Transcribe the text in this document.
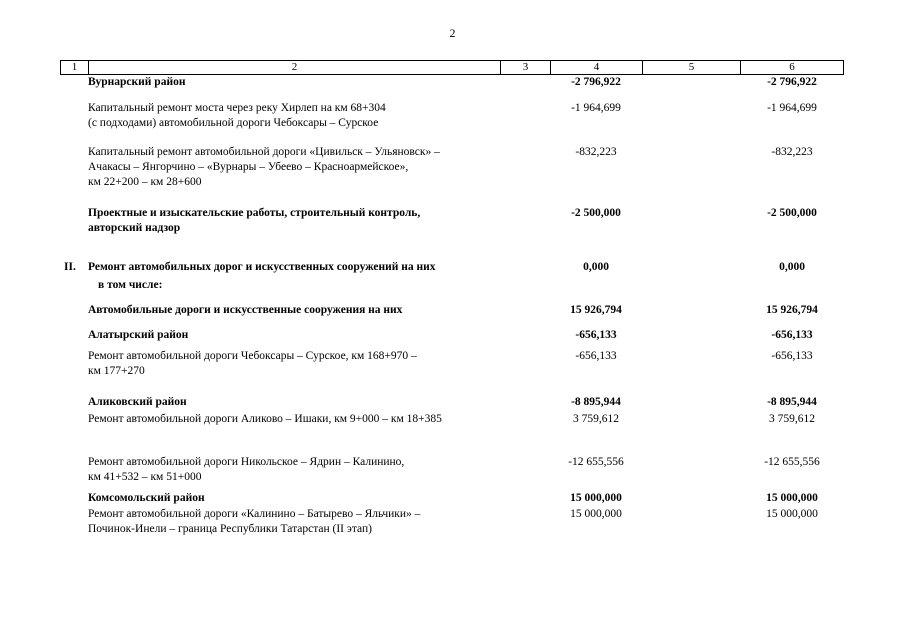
2
1	2	3	4	5	6
Вурнарский район	-2 796,922	-2 796,922
Капитальный ремонт моста через реку Хирлеп на км 68+304
(с подходами) автомобильной дороги Чебоксары – Сурское
-1 964,699	-1 964,699
Капитальный ремонт автомобильной дороги «Цивильск – Ульяновск» –
Ачакасы – Янгорчино – «Вурнары – Убеево – Красноармейское»,
км 22+200 – км 28+600
-832,223	-832,223
Проектные и изыскательские работы, строительный контроль,
авторский надзор
-2 500,000	-2 500,000
II. Ремонт автомобильных дорог и искусственных сооружений на них
в том числе:
0,000	0,000
Автомобильные дороги и искусственные сооружения на них	15 926,794	15 926,794
Алатырский район	-656,133	-656,133
Ремонт автомобильной дороги Чебоксары – Сурское, км 168+970 –
км 177+270
-656,133	-656,133
Аликовский район	-8 895,944	-8 895,944
Ремонт автомобильной дороги Аликово – Ишаки, км 9+000 – км 18+385	3 759,612	3 759,612
Ремонт автомобильной дороги Никольское – Ядрин – Калинино,
км 41+532 – км 51+000
-12 655,556	-12 655,556
Комсомольский район	15 000,000	15 000,000
Ремонт автомобильной дороги «Калинино – Батырево – Яльчики» –
Починок-Инели – граница Республики Татарстан (II этап)
15 000,000	15 000,000
